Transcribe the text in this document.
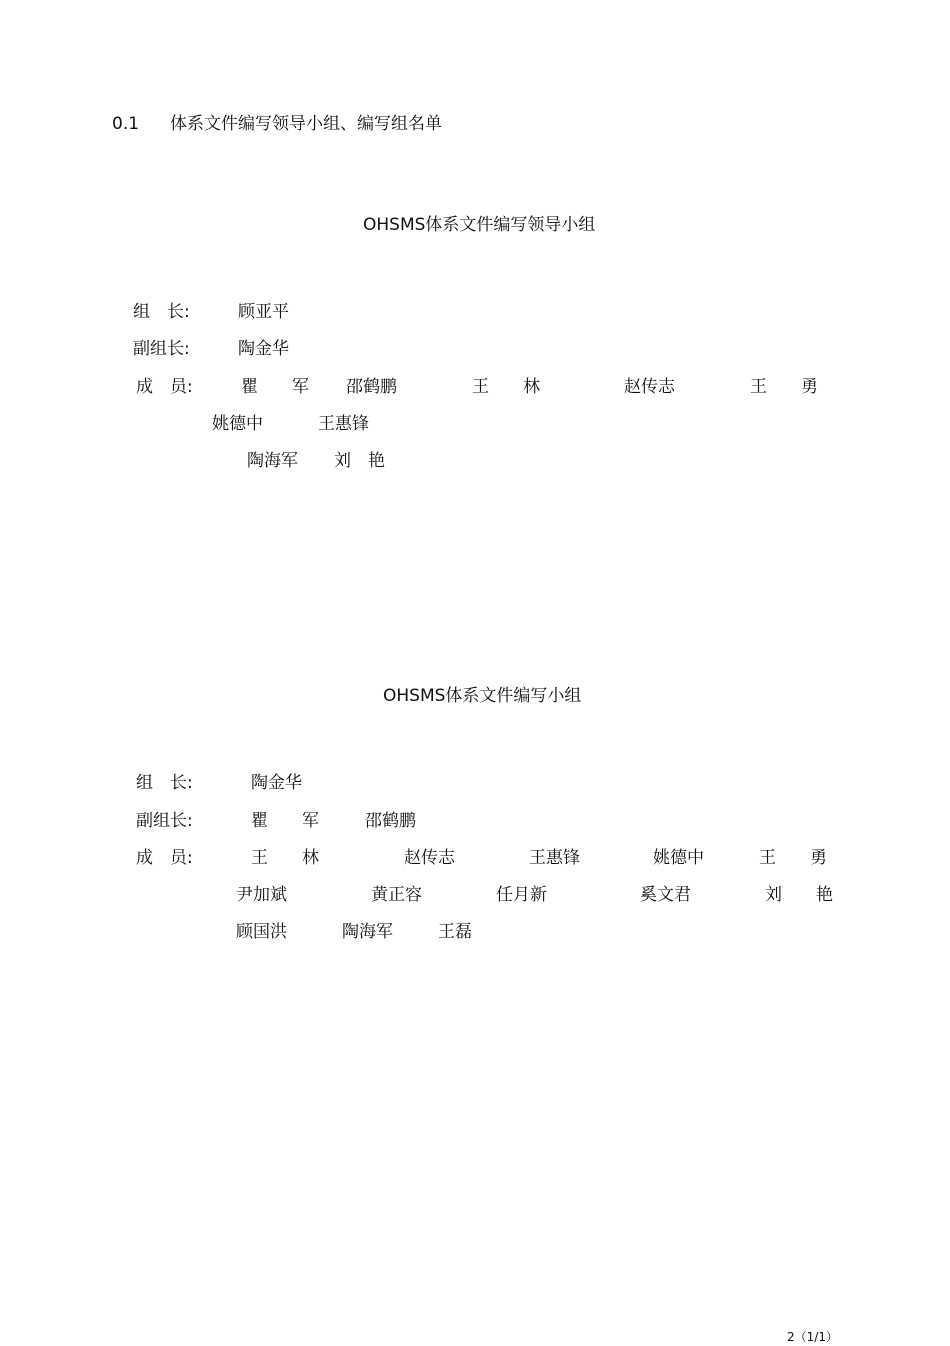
0.1 体系文件编写领导小组、编写组名单
OHSMS体系文件编写领导小组
组　长:	顾亚平
副组长:	陶金华
成　员:	瞿　　军 邵鹤鹏	王　　林	赵传志	王　　勇
姚德中	王惠锋
陶海军 刘　艳
OHSMS体系文件编写小组
组　长:	陶金华
副组长:	瞿　　军	邵鹤鹏
成　员:	王　　林	赵传志	王惠锋	姚德中	王　　勇
尹加斌	黄正容	任月新	奚文君	刘　　艳
顾国洪	陶海军	王磊
2（1/1）
